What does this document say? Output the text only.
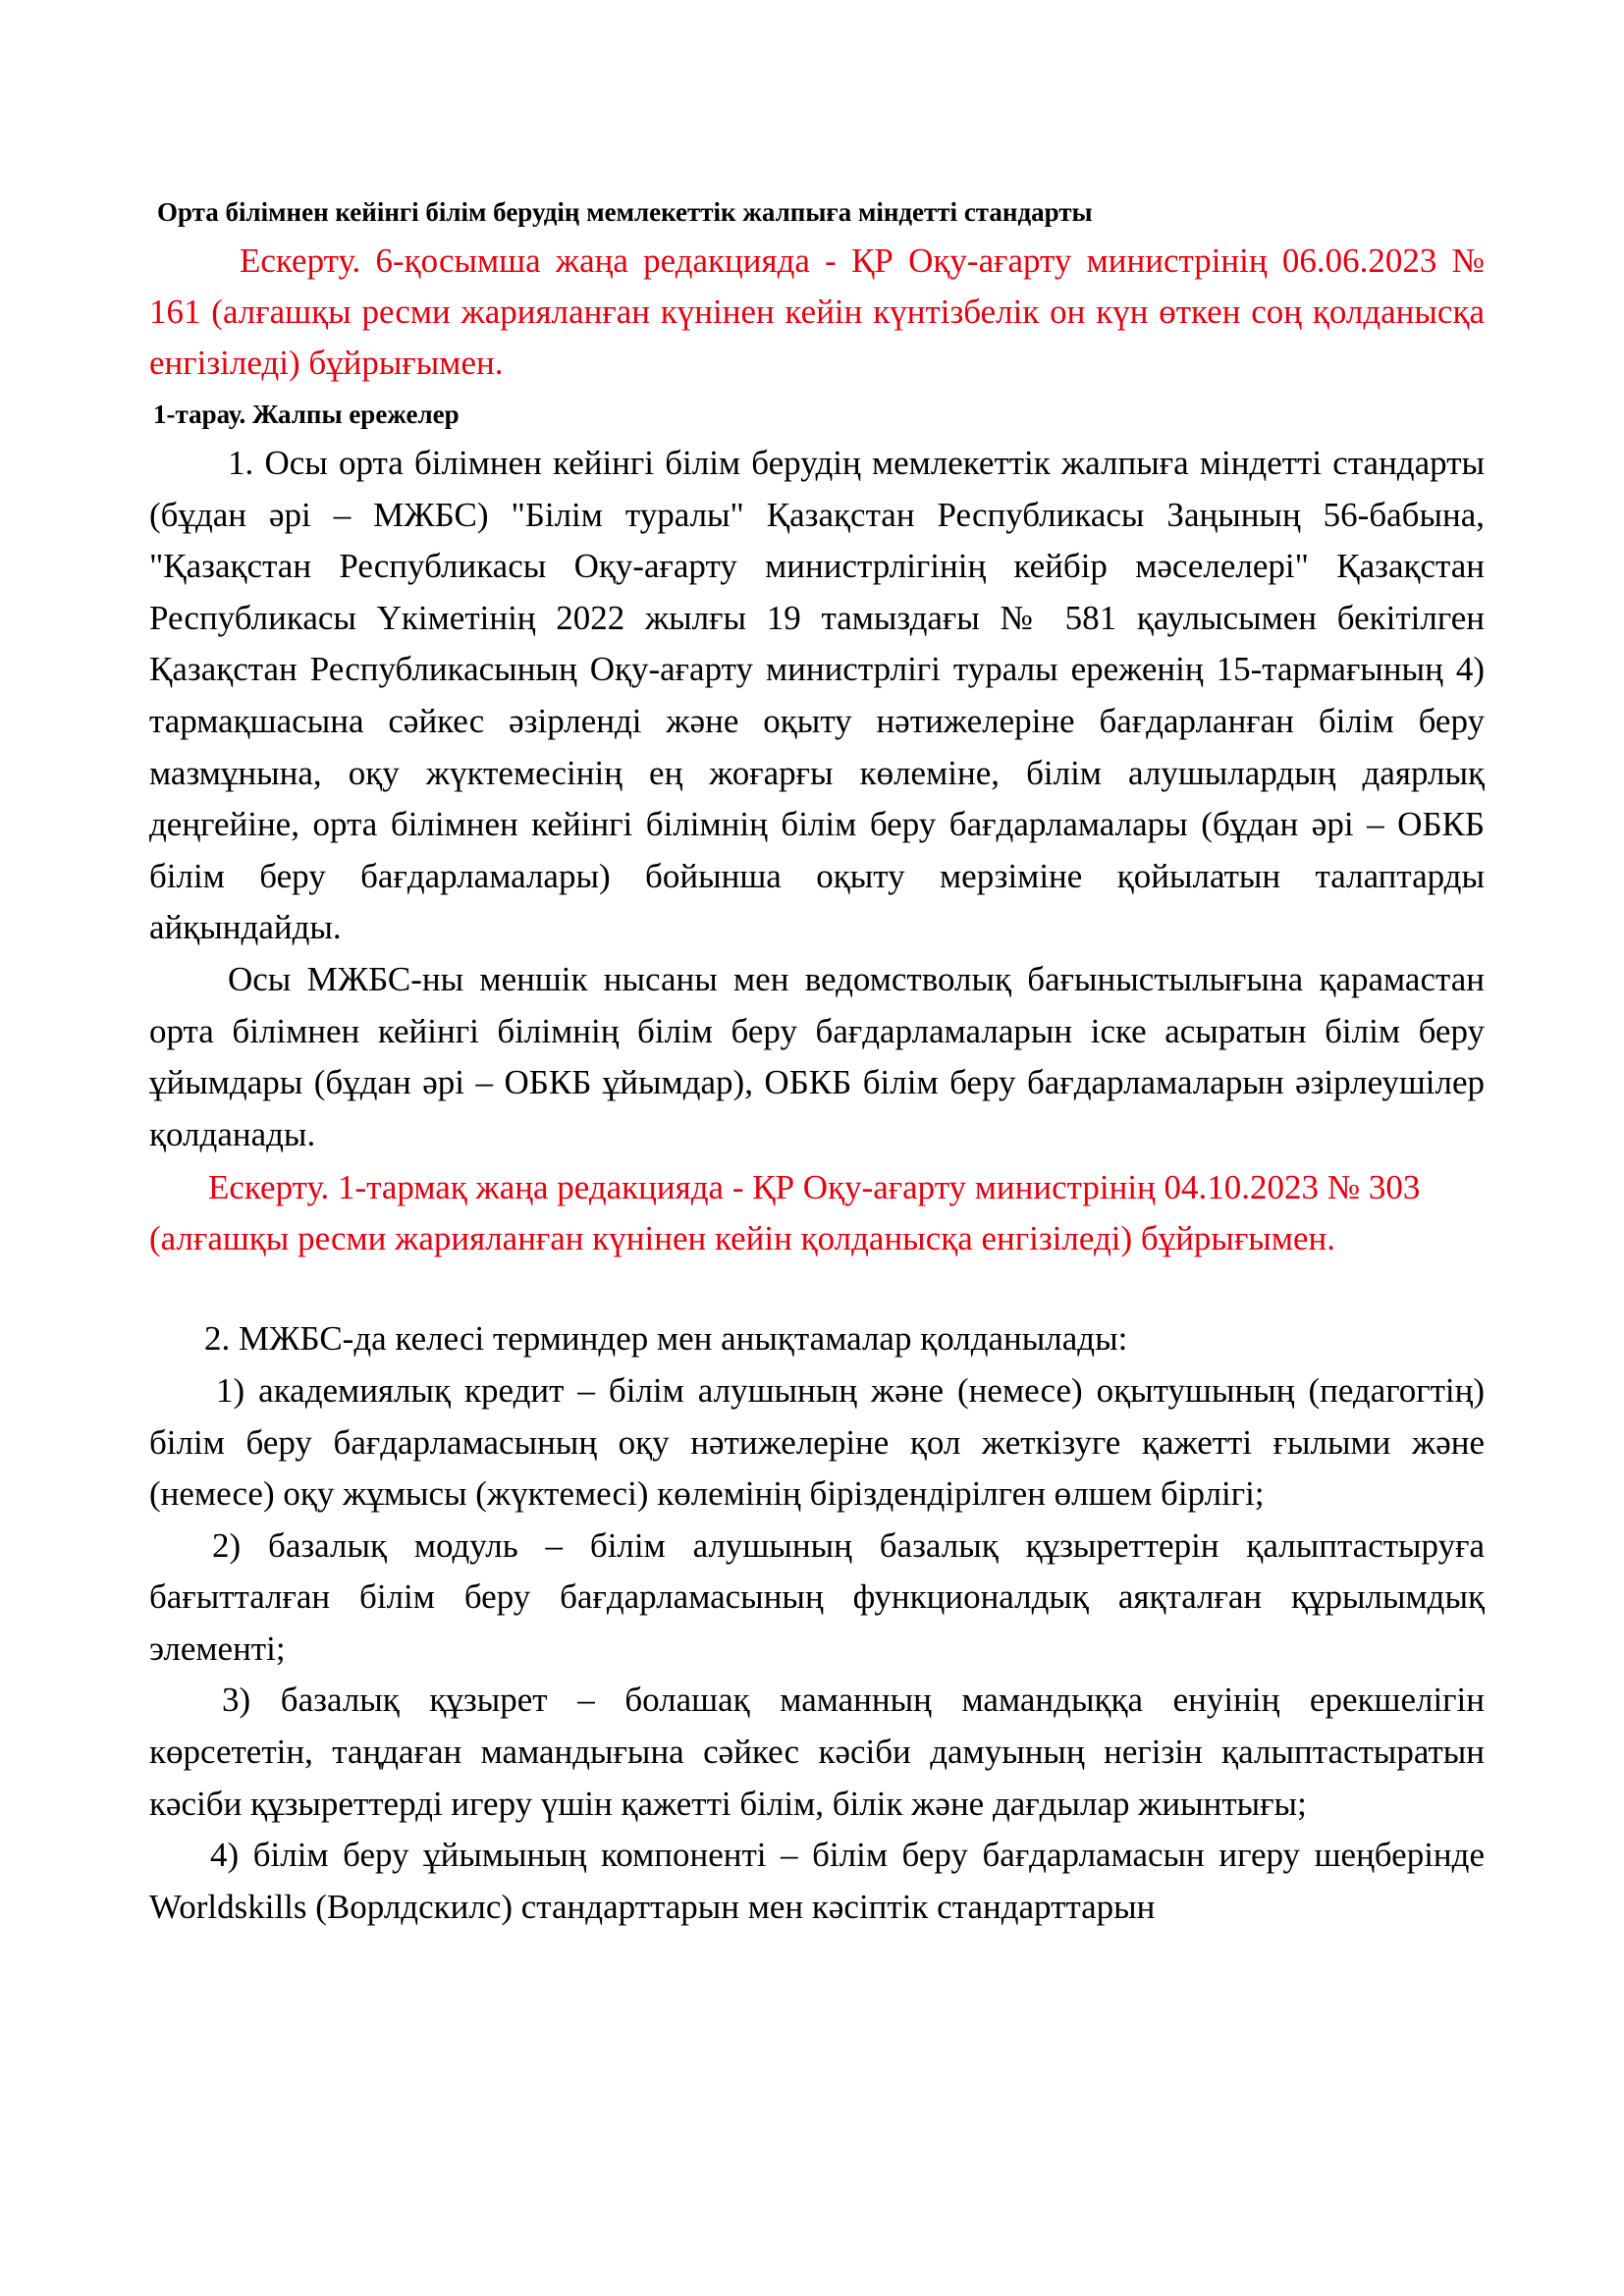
Орта білімнен кейінгі білім берудің мемлекеттік жалпыға міндетті стандарты

Ескерту. 6-қосымша жаңа редакцияда - ҚР Оқу-ағарту министрінің 06.06.2023 № 161 (алғашқы ресми жарияланған күнінен кейін күнтізбелік он күн өткен соң қолданысқа енгізіледі) бұйрығымен.

1-тарау. Жалпы ережелер

1. Осы орта білімнен кейінгі білім берудің мемлекеттік жалпыға міндетті стандарты (бұдан әрі – МЖБС) "Білім туралы" Қазақстан Республикасы Заңының 56-бабына, "Қазақстан Республикасы Оқу-ағарту министрлігінің кейбір мәселелері" Қазақстан Республикасы Үкіметінің 2022 жылғы 19 тамыздағы № 581 қаулысымен бекітілген Қазақстан Республикасының Оқу-ағарту министрлігі туралы ереженің 15-тармағының 4) тармақшасына сәйкес әзірленді және оқыту нәтижелеріне бағдарланған білім беру мазмұнына, оқу жүктемесінің ең жоғарғы көлеміне, білім алушылардың даярлық деңгейіне, орта білімнен кейінгі білімнің білім беру бағдарламалары (бұдан әрі – ОБКБ білім беру бағдарламалары) бойынша оқыту мерзіміне қойылатын талаптарды айқындайды.

Осы МЖБС-ны меншік нысаны мен ведомстволық бағыныстылығына қарамастан орта білімнен кейінгі білімнің білім беру бағдарламаларын іске асыратын білім беру ұйымдары (бұдан әрі – ОБКБ ұйымдар), ОБКБ білім беру бағдарламаларын әзірлеушілер қолданады.

Ескерту. 1-тармақ жаңа редакцияда - ҚР Оқу-ағарту министрінің 04.10.2023 № 303 (алғашқы ресми жарияланған күнінен кейін қолданысқа енгізіледі) бұйрығымен.

2. МЖБС-да келесі терминдер мен анықтамалар қолданылады:

1) академиялық кредит – білім алушының және (немесе) оқытушының (педагогтің) білім беру бағдарламасының оқу нәтижелеріне қол жеткізуге қажетті ғылыми және (немесе) оқу жұмысы (жүктемесі) көлемінің біріздендірілген өлшем бірлігі;

2) базалық модуль – білім алушының базалық құзыреттерін қалыптастыруға бағытталған білім беру бағдарламасының функционалдық аяқталған құрылымдық элементі;

3) базалық құзырет – болашақ маманның мамандыққа енуінің ерекшелігін көрсететін, таңдаған мамандығына сәйкес кәсіби дамуының негізін қалыптастыратын кәсіби құзыреттерді игеру үшін қажетті білім, білік және дағдылар жиынтығы;

4) білім беру ұйымының компоненті – білім беру бағдарламасын игеру шеңберінде Worldskills (Ворлдскилс) стандарттарын мен кәсіптік стандарттарын
